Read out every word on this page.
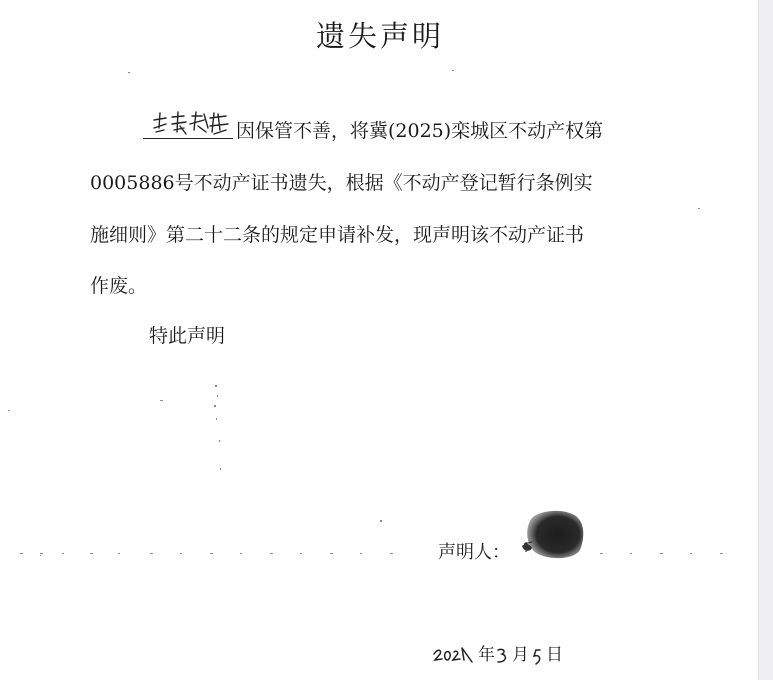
遗失声明
因保管不善，将冀(2025)栾城区不动产权第
0005886号不动产证书遗失，根据《不动产登记暂行条例实
施细则》第二十二条的规定申请补发，现声明该不动产证书
作废。
特此声明
声明人：
年 月 日
